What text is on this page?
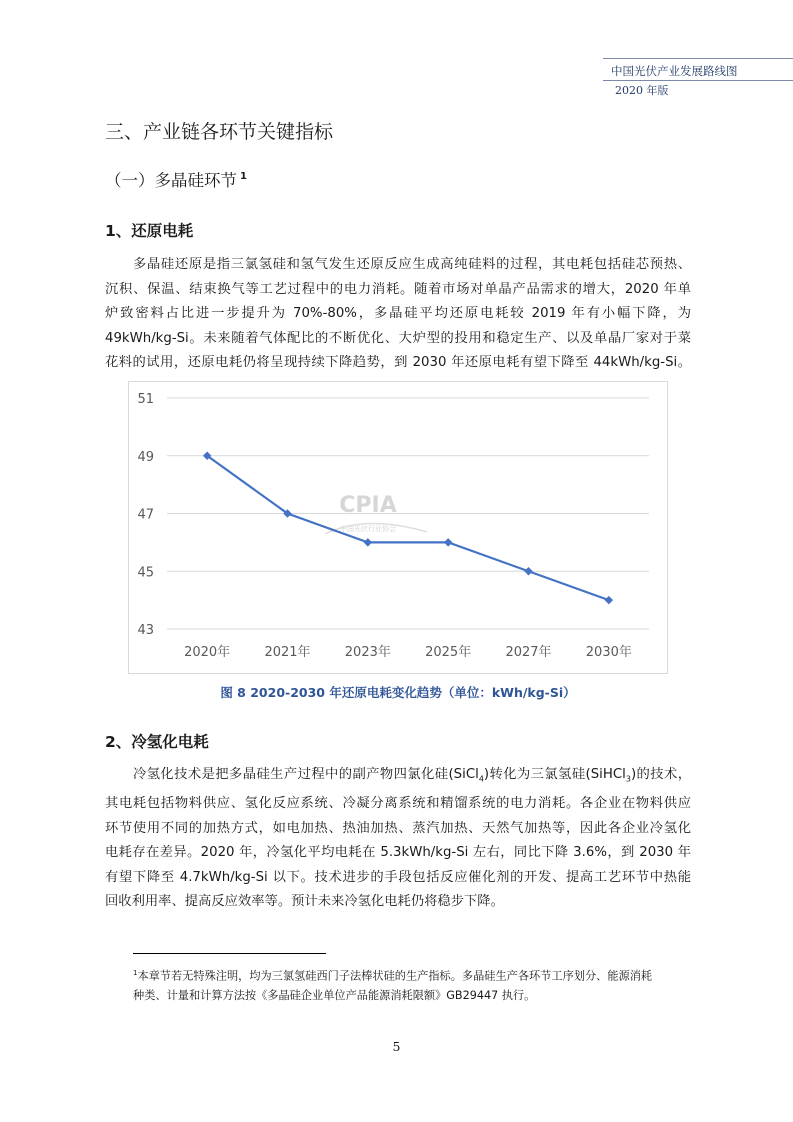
中国光伏产业发展路线图
2020 年版
三、产业链各环节关键指标
（一）多晶硅环节 $^1$
1、还原电耗
多晶硅还原是指三氯氢硅和氢气发生还原反应生成高纯硅料的过程，其电耗包括硅芯预热、
沉积、保温、结束换气等工艺过程中的电力消耗。随着市场对单晶产品需求的增大，2020 年单
炉致密料占比进一步提升为 70%-80%，多晶硅平均还原电耗较 2019 年有小幅下降，为
49kWh/kg-Si。未来随着气体配比的不断优化、大炉型的投用和稳定生产、以及单晶厂家对于菜
花料的试用，还原电耗仍将呈现持续下降趋势，到 2030 年还原电耗有望下降至 44kWh/kg-Si。
CPIA
中国光伏行业协会
43
45
47
49
51
2020年	2021年	2023年	2025年	2027年	2030年
图 8 2020-2030 年还原电耗变化趋势（单位：kWh/kg-Si）
2、冷氢化电耗
冷氢化技术是把多晶硅生产过程中的副产物四氯化硅(SiCl$_4$)转化为三氯氢硅(SiHCl$_3$)的技术，
其电耗包括物料供应、氢化反应系统、冷凝分离系统和精馏系统的电力消耗。各企业在物料供应
环节使用不同的加热方式，如电加热、热油加热、蒸汽加热、天然气加热等，因此各企业冷氢化
电耗存在差异。2020 年，冷氢化平均电耗在 5.3kWh/kg-Si 左右，同比下降 3.6%，到 2030 年
有望下降至 4.7kWh/kg-Si 以下。技术进步的手段包括反应催化剂的开发、提高工艺环节中热能
回收利用率、提高反应效率等。预计未来冷氢化电耗仍将稳步下降。
$^1$本章节若无特殊注明，均为三氯氢硅西门子法棒状硅的生产指标。多晶硅生产各环节工序划分、能源消耗
种类、计量和计算方法按《多晶硅企业单位产品能源消耗限额》GB29447 执行。
5
